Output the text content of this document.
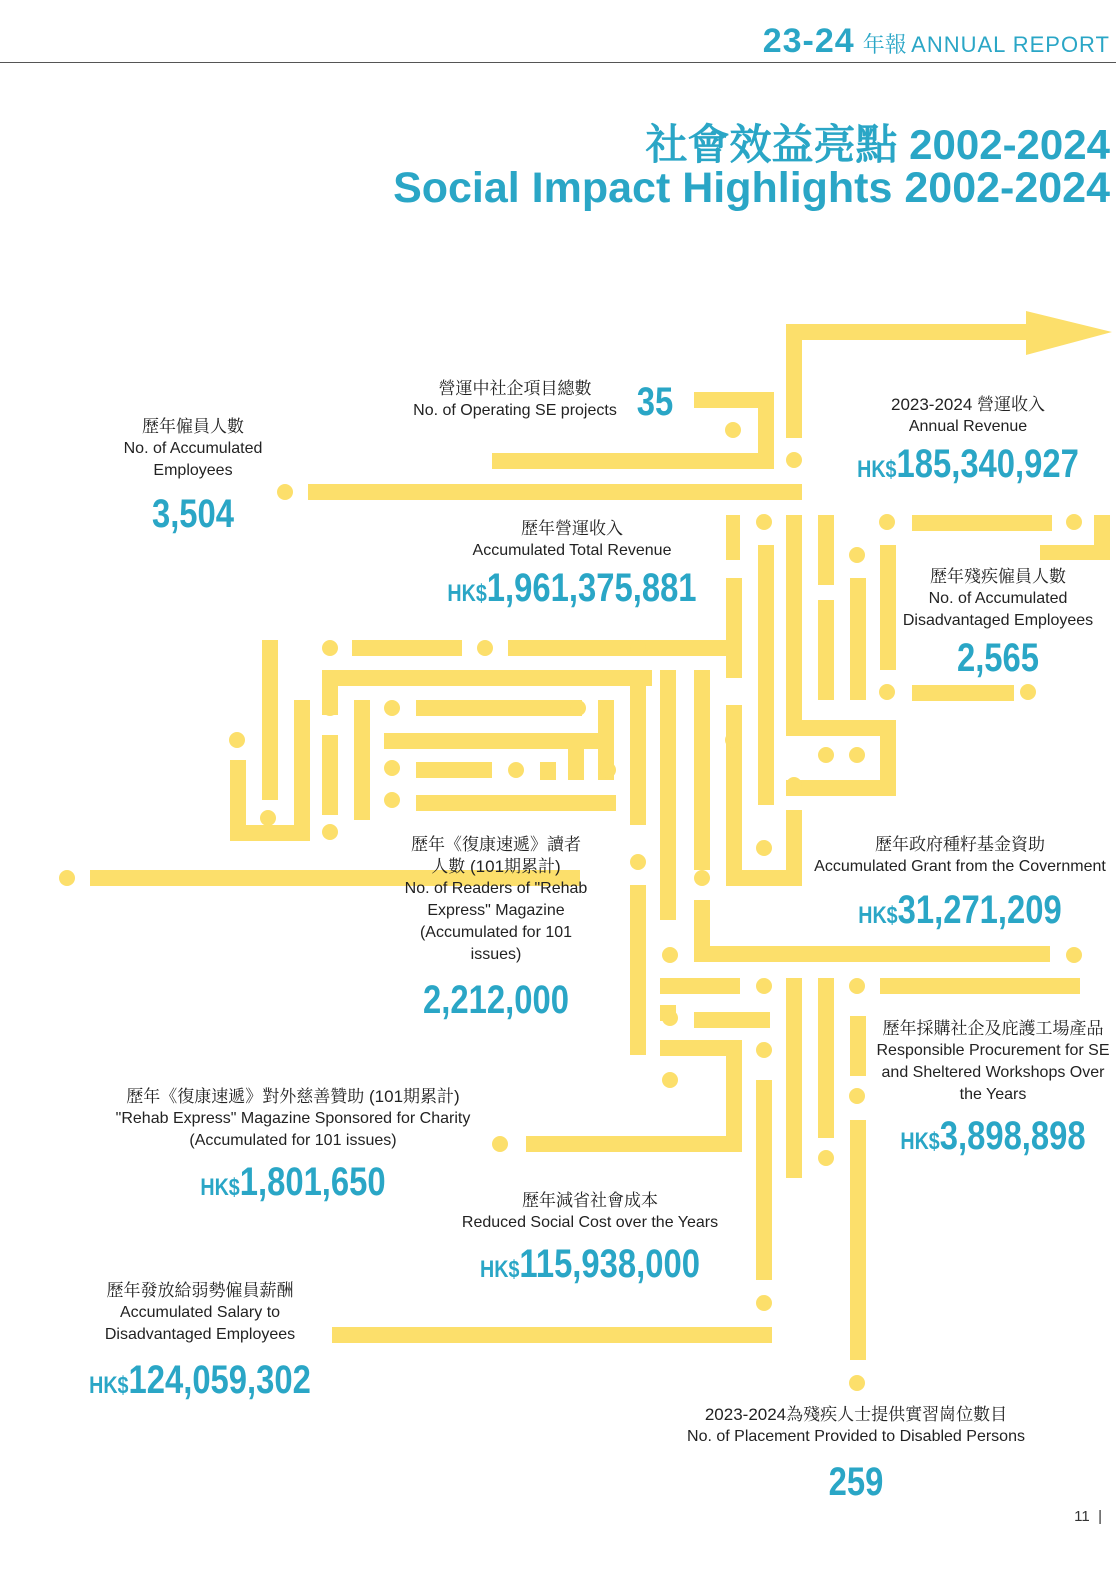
23-24 年報 ANNUAL REPORT
社會效益亮點 2002-2024
Social Impact Highlights 2002-2024
營運中社企項目總數
No. of Operating SE projects 35
歷年僱員人數
No. of Accumulated
Employees
3,504
2023-2024 營運收入
Annual Revenue
HK$185,340,927
歷年營運收入
Accumulated Total Revenue
HK$1,961,375,881	歷年殘疾僱員人數
No. of Accumulated
Disadvantaged Employees
2,565
歷年《復康速遞》讀者
人數 (101期累計)
No. of Readers of "Rehab
Express" Magazine
(Accumulated for 101
issues)
2,212,000
歷年政府種籽基金資助
Accumulated Grant from the Covernment
HK$31,271,209
歷年《復康速遞》對外慈善贊助 (101期累計)
"Rehab Express" Magazine Sponsored for Charity
(Accumulated for 101 issues)
HK$1,801,650
歷年採購社企及庇護工場產品
Responsible Procurement for SE
and Sheltered Workshops Over
the Years
HK$3,898,898
歷年減省社會成本
Reduced Social Cost over the Years
HK$115,938,000
歷年發放給弱勢僱員薪酬
Accumulated Salary to
Disadvantaged Employees
HK$124,059,302
2023-2024為殘疾人士提供實習崗位數目
No. of Placement Provided to Disabled Persons
259
11 |
